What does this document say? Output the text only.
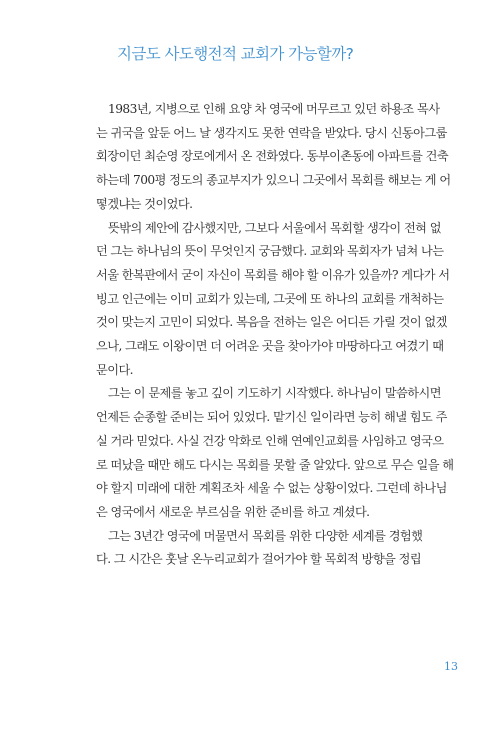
지금도 사도행전적 교회가 가능할까?

1983년, 지병으로 인해 요양 차 영국에 머무르고 있던 하용조 목사
는 귀국을 앞둔 어느 날 생각지도 못한 연락을 받았다. 당시 신동아그룹
회장이던 최순영 장로에게서 온 전화였다. 동부이촌동에 아파트를 건축
하는데 700평 정도의 종교부지가 있으니 그곳에서 목회를 해보는 게 어
떻겠냐는 것이었다.

뜻밖의 제안에 감사했지만, 그보다 서울에서 목회할 생각이 전혀 없
던 그는 하나님의 뜻이 무엇인지 궁금했다. 교회와 목회자가 넘쳐 나는
서울 한복판에서 굳이 자신이 목회를 해야 할 이유가 있을까? 게다가 서
빙고 인근에는 이미 교회가 있는데, 그곳에 또 하나의 교회를 개척하는
것이 맞는지 고민이 되었다. 복음을 전하는 일은 어디든 가릴 것이 없겠
으나, 그래도 이왕이면 더 어려운 곳을 찾아가야 마땅하다고 여겼기 때
문이다.

그는 이 문제를 놓고 깊이 기도하기 시작했다. 하나님이 말씀하시면
언제든 순종할 준비는 되어 있었다. 맡기신 일이라면 능히 해낼 힘도 주
실 거라 믿었다. 사실 건강 악화로 인해 연예인교회를 사임하고 영국으
로 떠났을 때만 해도 다시는 목회를 못할 줄 알았다. 앞으로 무슨 일을 해
야 할지 미래에 대한 계획조차 세울 수 없는 상황이었다. 그런데 하나님
은 영국에서 새로운 부르심을 위한 준비를 하고 계셨다.

그는 3년간 영국에 머물면서 목회를 위한 다양한 세계를 경험했
다. 그 시간은 훗날 온누리교회가 걸어가야 할 목회적 방향을 정립

13
